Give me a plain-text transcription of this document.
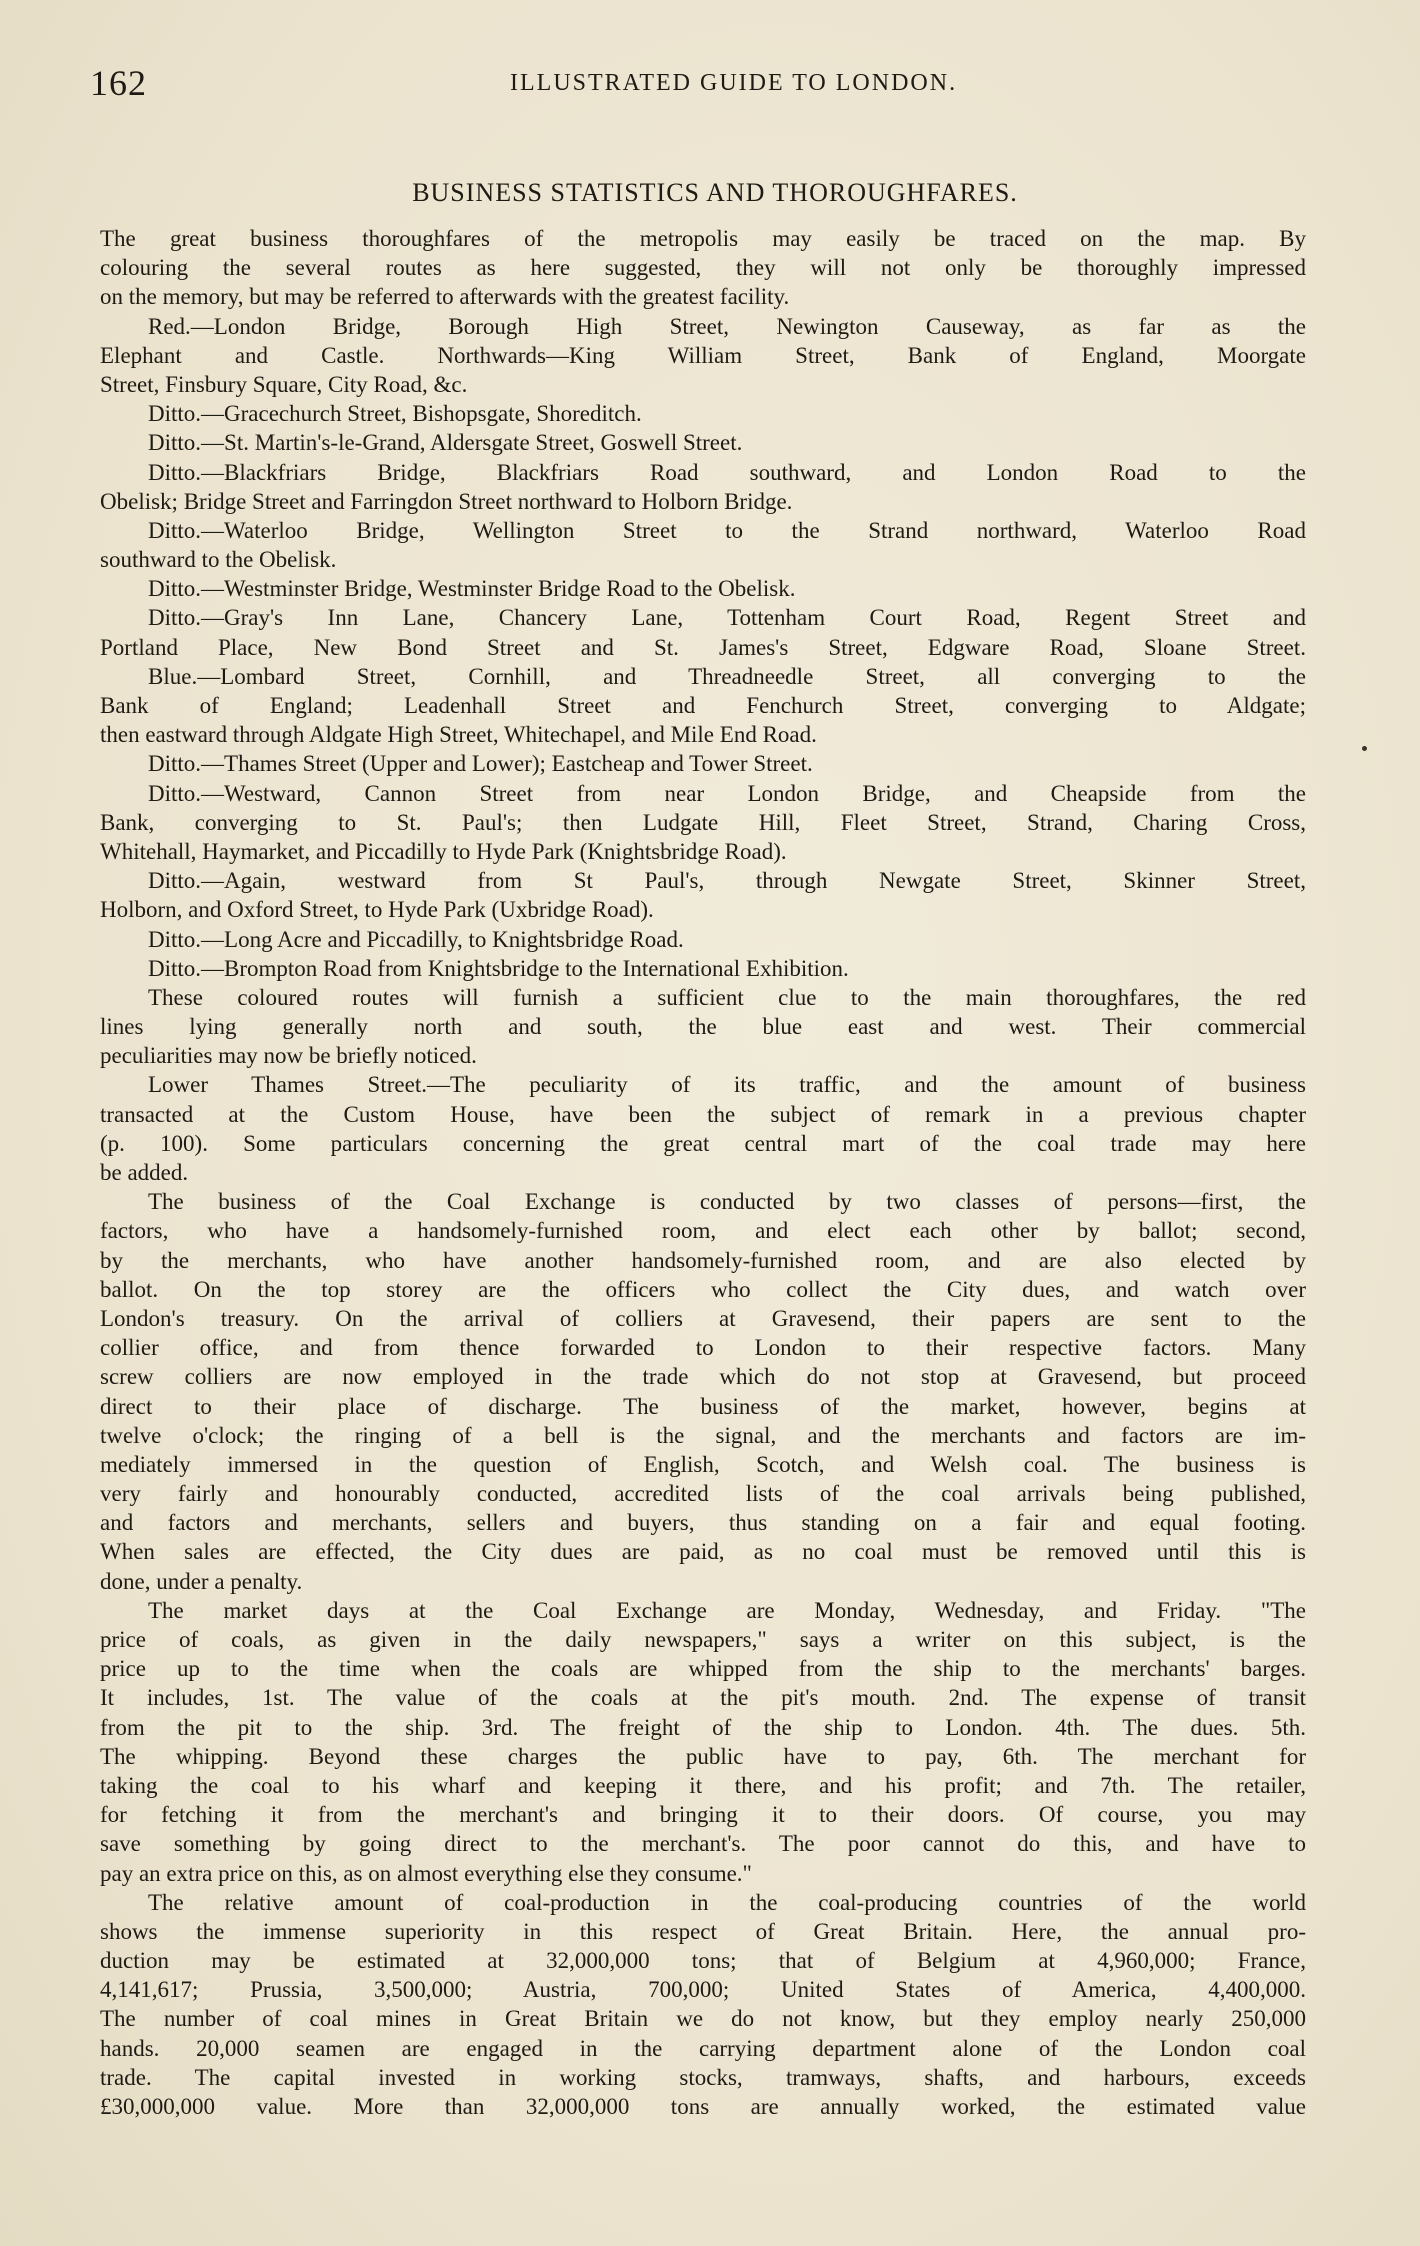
162	ILLUSTRATED GUIDE TO LONDON.
BUSINESS STATISTICS AND THOROUGHFARES.
The great business thoroughfares of the metropolis may easily be traced on the map. By
colouring the several routes as here suggested, they will not only be thoroughly impressed
on the memory, but may be referred to afterwards with the greatest facility.
Red.—London Bridge, Borough High Street, Newington Causeway, as far as the
Elephant and Castle. Northwards—King William Street, Bank of England, Moorgate
Street, Finsbury Square, City Road, &c.
Ditto.—Gracechurch Street, Bishopsgate, Shoreditch.
Ditto.—St. Martin's-le-Grand, Aldersgate Street, Goswell Street.
Ditto.—Blackfriars Bridge, Blackfriars Road southward, and London Road to the
Obelisk; Bridge Street and Farringdon Street northward to Holborn Bridge.
Ditto.—Waterloo Bridge, Wellington Street to the Strand northward, Waterloo Road
southward to the Obelisk.
Ditto.—Westminster Bridge, Westminster Bridge Road to the Obelisk.
Ditto.—Gray's Inn Lane, Chancery Lane, Tottenham Court Road, Regent Street and
Portland Place, New Bond Street and St. James's Street, Edgware Road, Sloane Street.
Blue.—Lombard Street, Cornhill, and Threadneedle Street, all converging to the
Bank of England; Leadenhall Street and Fenchurch Street, converging to Aldgate;
then eastward through Aldgate High Street, Whitechapel, and Mile End Road.
Ditto.—Thames Street (Upper and Lower); Eastcheap and Tower Street.
Ditto.—Westward, Cannon Street from near London Bridge, and Cheapside from the
Bank, converging to St. Paul's; then Ludgate Hill, Fleet Street, Strand, Charing Cross,
Whitehall, Haymarket, and Piccadilly to Hyde Park (Knightsbridge Road).
Ditto.—Again, westward from St Paul's, through Newgate Street, Skinner Street,
Holborn, and Oxford Street, to Hyde Park (Uxbridge Road).
Ditto.—Long Acre and Piccadilly, to Knightsbridge Road.
Ditto.—Brompton Road from Knightsbridge to the International Exhibition.
These coloured routes will furnish a sufficient clue to the main thoroughfares, the red
lines lying generally north and south, the blue east and west. Their commercial
peculiarities may now be briefly noticed.
Lower Thames Street.—The peculiarity of its traffic, and the amount of business
transacted at the Custom House, have been the subject of remark in a previous chapter
(p. 100). Some particulars concerning the great central mart of the coal trade may here
be added.
The business of the Coal Exchange is conducted by two classes of persons—first, the
factors, who have a handsomely-furnished room, and elect each other by ballot; second,
by the merchants, who have another handsomely-furnished room, and are also elected by
ballot. On the top storey are the officers who collect the City dues, and watch over
London's treasury. On the arrival of colliers at Gravesend, their papers are sent to the
collier office, and from thence forwarded to London to their respective factors. Many
screw colliers are now employed in the trade which do not stop at Gravesend, but proceed
direct to their place of discharge. The business of the market, however, begins at
twelve o'clock; the ringing of a bell is the signal, and the merchants and factors are im-
mediately immersed in the question of English, Scotch, and Welsh coal. The business is
very fairly and honourably conducted, accredited lists of the coal arrivals being published,
and factors and merchants, sellers and buyers, thus standing on a fair and equal footing.
When sales are effected, the City dues are paid, as no coal must be removed until this is
done, under a penalty.
The market days at the Coal Exchange are Monday, Wednesday, and Friday. "The
price of coals, as given in the daily newspapers," says a writer on this subject, is the
price up to the time when the coals are whipped from the ship to the merchants' barges.
It includes, 1st. The value of the coals at the pit's mouth. 2nd. The expense of transit
from the pit to the ship. 3rd. The freight of the ship to London. 4th. The dues. 5th.
The whipping. Beyond these charges the public have to pay, 6th. The merchant for
taking the coal to his wharf and keeping it there, and his profit; and 7th. The retailer,
for fetching it from the merchant's and bringing it to their doors. Of course, you may
save something by going direct to the merchant's. The poor cannot do this, and have to
pay an extra price on this, as on almost everything else they consume."
The relative amount of coal-production in the coal-producing countries of the world
shows the immense superiority in this respect of Great Britain. Here, the annual pro-
duction may be estimated at 32,000,000 tons; that of Belgium at 4,960,000; France,
4,141,617; Prussia, 3,500,000; Austria, 700,000; United States of America, 4,400,000.
The number of coal mines in Great Britain we do not know, but they employ nearly 250,000
hands. 20,000 seamen are engaged in the carrying department alone of the London coal
trade. The capital invested in working stocks, tramways, shafts, and harbours, exceeds
£30,000,000 value. More than 32,000,000 tons are annually worked, the estimated value
